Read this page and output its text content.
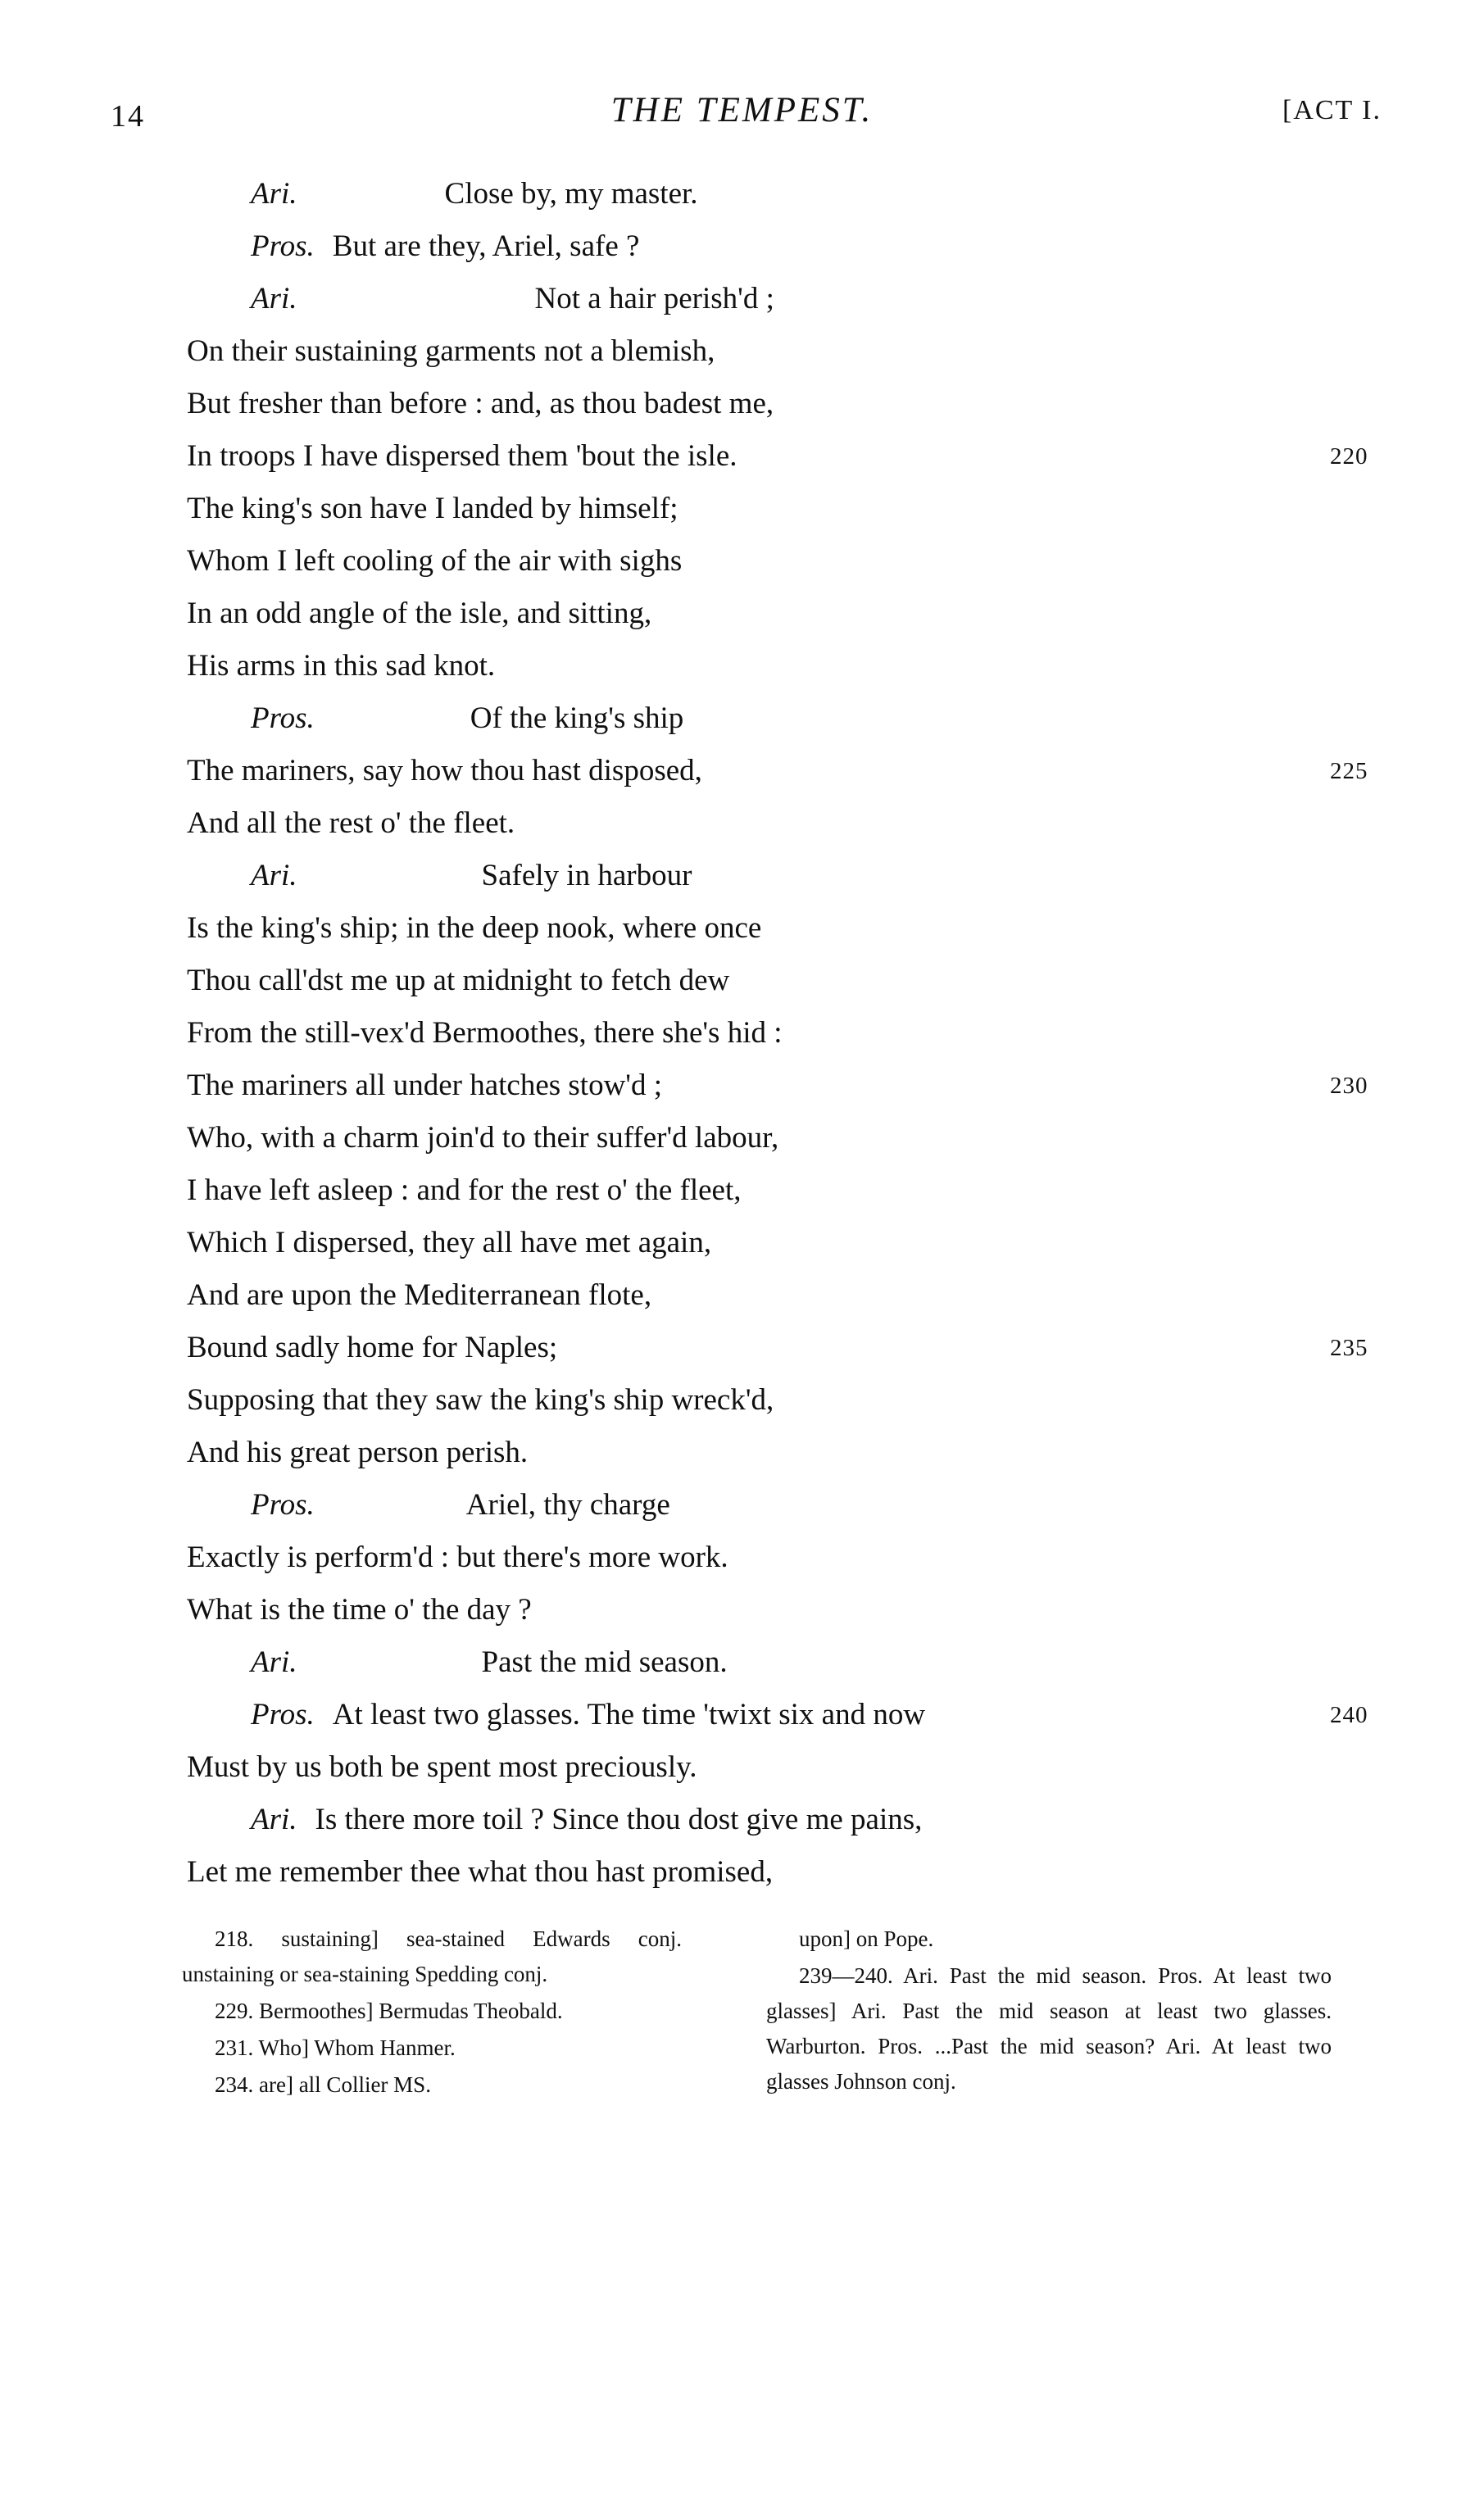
14	THE TEMPEST.	[ACT I.
Ari.	Close by, my master.
Pros. But are they, Ariel, safe ?
Ari.	Not a hair perish'd ;
On their sustaining garments not a blemish,
But fresher than before : and, as thou badest me,
In troops I have dispersed them 'bout the isle.	220
The king's son have I landed by himself;
Whom I left cooling of the air with sighs
In an odd angle of the isle, and sitting,
His arms in this sad knot.
Pros.	Of the king's ship
The mariners, say how thou hast disposed,	225
And all the rest o' the fleet.
Ari.	Safely in harbour
Is the king's ship; in the deep nook, where once
Thou call'dst me up at midnight to fetch dew
From the still-vex'd Bermoothes, there she's hid :
The mariners all under hatches stow'd ;	230
Who, with a charm join'd to their suffer'd labour,
I have left asleep : and for the rest o' the fleet,
Which I dispersed, they all have met again,
And are upon the Mediterranean flote,
Bound sadly home for Naples;	235
Supposing that they saw the king's ship wreck'd,
And his great person perish.
Pros.	Ariel, thy charge
Exactly is perform'd : but there's more work.
What is the time o' the day ?
Ari.	Past the mid season.
Pros. At least two glasses. The time 'twixt six and now	240
Must by us both be spent most preciously.
Ari. Is there more toil ? Since thou dost give me pains,
Let me remember thee what thou hast promised,
218. sustaining] sea-stained Edwards conj. unstaining or sea-staining Spedding conj.
229. Bermoothes] Bermudas Theobald.
231. Who] Whom Hanmer.
234. are] all Collier MS.
upon] on Pope.
239—240. Ari. Past the mid season. Pros. At least two glasses] Ari. Past the mid season at least two glasses. Warburton. Pros. ...Past the mid season? Ari. At least two glasses Johnson conj.
